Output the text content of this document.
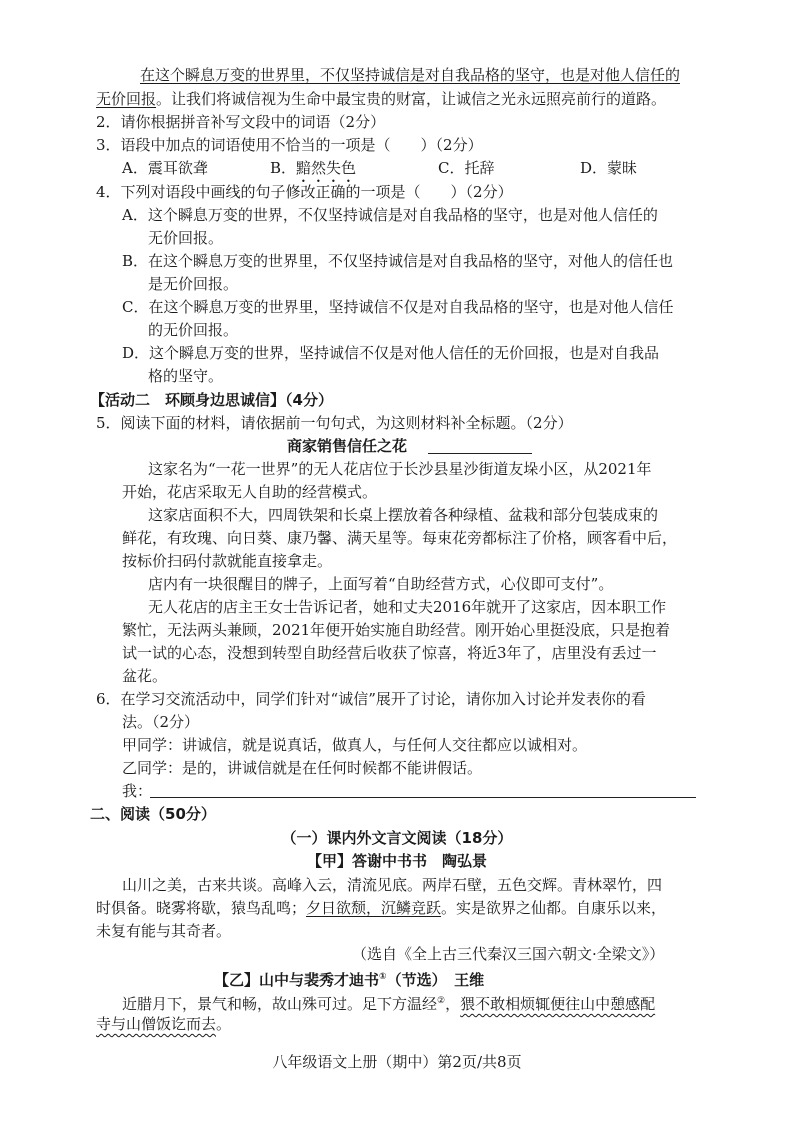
在这个瞬息万变的世界里，不仅坚持诚信是对自我品格的坚守，也是对他人信任的
无价回报。让我们将诚信视为生命中最宝贵的财富，让诚信之光永远照亮前行的道路。
2．请你根据拼音补写文段中的词语（2分）
3．语段中加点的词语使用不恰当的一项是（　　）（2分）
A．震耳欲聋	B．黯然失色	C．托辞	D．蒙昧
4．下列对语段中画线的句子修改正确的一项是（　　）（2分）
A．这个瞬息万变的世界，不仅坚持诚信是对自我品格的坚守，也是对他人信任的
无价回报。
B．在这个瞬息万变的世界里，不仅坚持诚信是对自我品格的坚守，对他人的信任也
是无价回报。
C．在这个瞬息万变的世界里，坚持诚信不仅是对自我品格的坚守，也是对他人信任
的无价回报。
D．这个瞬息万变的世界，坚持诚信不仅是对他人信任的无价回报，也是对自我品
格的坚守。
【活动二　环顾身边思诚信】（4分）
5．阅读下面的材料，请依据前一句句式，为这则材料补全标题。（2分）
商家销售信任之花
这家名为“一花一世界”的无人花店位于长沙县星沙街道友垛小区，从2021年
开始，花店采取无人自助的经营模式。
这家店面积不大，四周铁架和长桌上摆放着各种绿植、盆栽和部分包装成束的
鲜花，有玫瑰、向日葵、康乃馨、满天星等。每束花旁都标注了价格，顾客看中后，
按标价扫码付款就能直接拿走。
店内有一块很醒目的牌子，上面写着“自助经营方式，心仪即可支付”。
无人花店的店主王女士告诉记者，她和丈夫2016年就开了这家店，因本职工作
繁忙，无法两头兼顾，2021年便开始实施自助经营。刚开始心里挺没底，只是抱着
试一试的心态，没想到转型自助经营后收获了惊喜，将近3年了，店里没有丢过一
盆花。
6．在学习交流活动中，同学们针对“诚信”展开了讨论，请你加入讨论并发表你的看
法。（2分）
甲同学：讲诚信，就是说真话，做真人，与任何人交往都应以诚相对。
乙同学：是的，讲诚信就是在任何时候都不能讲假话。
我：
二、阅读（50分）
（一）课内外文言文阅读（18分）
【甲】答谢中书书　陶弘景
山川之美，古来共谈。高峰入云，清流见底。两岸石壁，五色交辉。青林翠竹，四
时俱备。晓雾将歇，猿鸟乱鸣；夕日欲颓，沉鳞竞跃。实是欲界之仙都。自康乐以来，
未复有能与其奇者。
（选自《全上古三代秦汉三国六朝文·全梁文》）
【乙】山中与裴秀才迪书①（节选）　王维
近腊月下，景气和畅，故山殊可过。足下方温经②，猥不敢相烦辄便往山中憩感配
寺与山僧饭讫而去。
八年级语文上册（期中）第2页/共8页
